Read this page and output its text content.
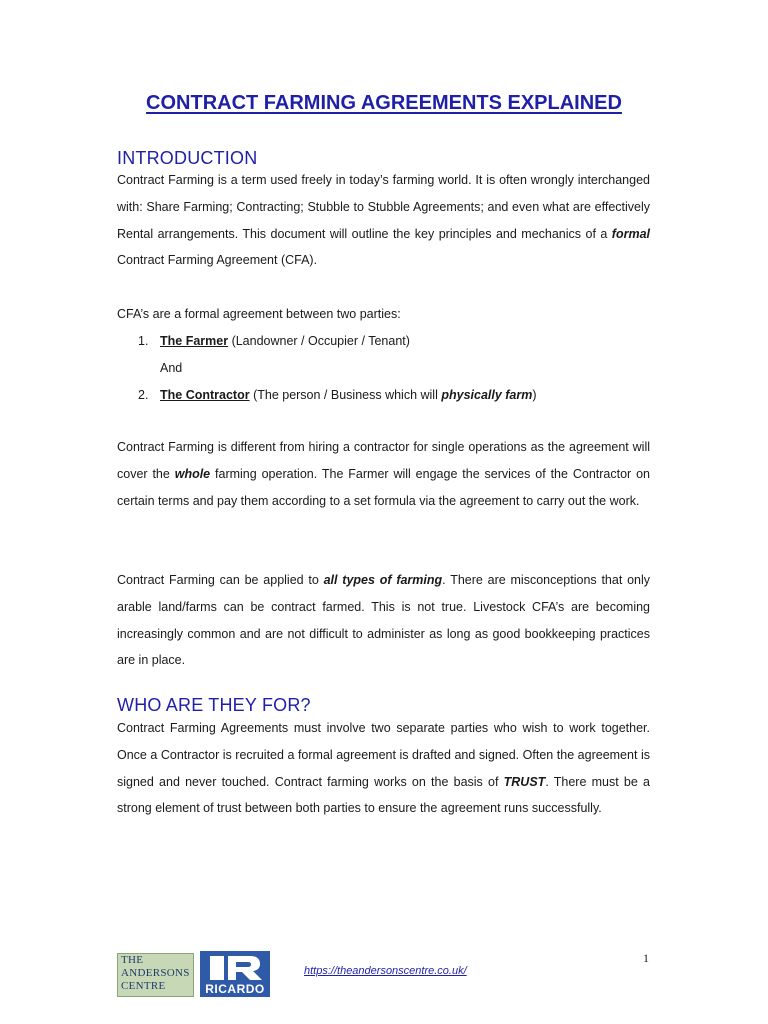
CONTRACT FARMING AGREEMENTS EXPLAINED
INTRODUCTION

Contract Farming is a term used freely in today’s farming world. It is often wrongly interchanged with: Share Farming; Contracting; Stubble to Stubble Agreements; and even what are effectively Rental arrangements. This document will outline the key principles and mechanics of a formal Contract Farming Agreement (CFA).

CFA’s are a formal agreement between two parties:

1. The Farmer (Landowner / Occupier / Tenant)

And

2. The Contractor (The person / Business which will physically farm)

Contract Farming is different from hiring a contractor for single operations as the agreement will cover the whole farming operation. The Farmer will engage the services of the Contractor on certain terms and pay them according to a set formula via the agreement to carry out the work.

Contract Farming can be applied to all types of farming. There are misconceptions that only arable land/farms can be contract farmed. This is not true. Livestock CFA’s are becoming increasingly common and are not difficult to administer as long as good bookkeeping practices are in place.

WHO ARE THEY FOR?

Contract Farming Agreements must involve two separate parties who wish to work together. Once a Contractor is recruited a formal agreement is drafted and signed. Often the agreement is signed and never touched. Contract farming works on the basis of TRUST. There must be a strong element of trust between both parties to ensure the agreement runs successfully.

THE
ANDERSONS
CENTRE	RICARDO
https://theandersonscentre.co.uk/
1
